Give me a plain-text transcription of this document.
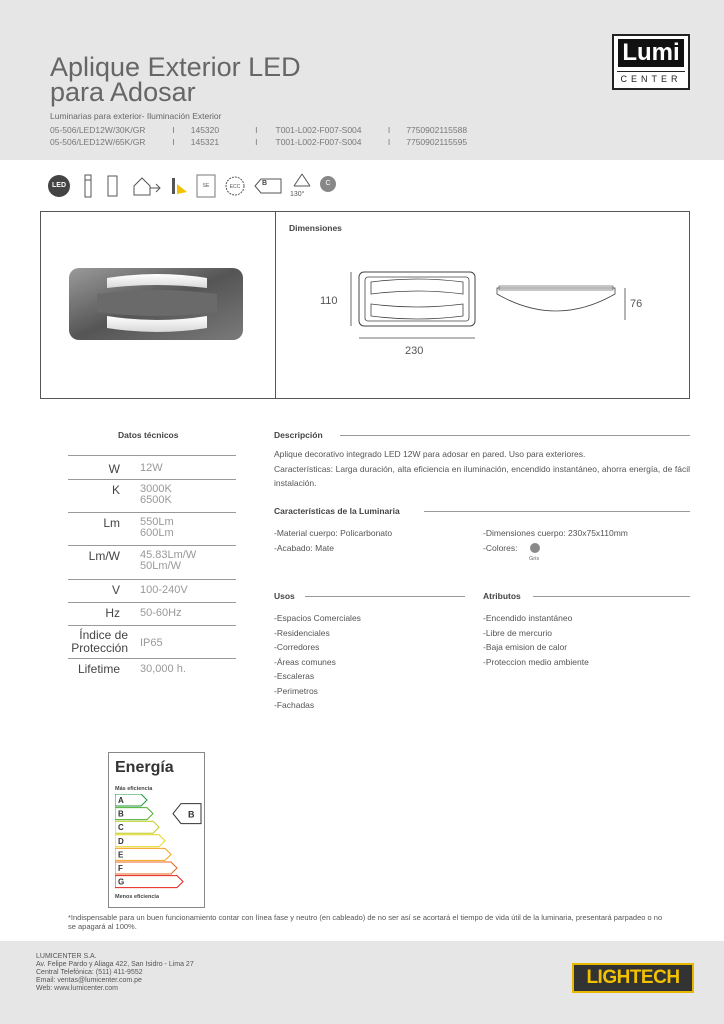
Aplique Exterior LED
para Adosar
Luminarias para exterior- Iluminación Exterior
05-506/LED12W/30K/GR	I 145320	I T001-L002-F007-S004	I 7750902115588
05-506/LED12W/65K/GR	I 145321	I T001-L002-F007-S004	I 7750902115595
Lumi
CENTER
LED	SE	ECC	B
130°
C
Dimensiones
110
230
76
Datos técnicos
W	12W
K	3000K
6500K
Lm	550Lm
600Lm
Lm/W	45.83Lm/W
50Lm/W
V	100-240V
Hz	50-60Hz
Índice de Protección	IP65
Lifetime	30,000 h.
Descripción
Aplique decorativo integrado LED 12W para adosar en pared. Uso para exteriores.
Características: Larga duración, alta eficiencia en iluminación, encendido instantáneo, ahorra energía, de fácil instalación.
Características de la Luminaria
-Material cuerpo: Policarbonato
-Acabado: Mate
-Dimensiones cuerpo: 230x75x110mm
-Colores:
Gris
Usos
-Espacios Comerciales
-Residenciales
-Corredores
-Áreas comunes
-Escaleras
-Perimetros
-Fachadas
Atributos
-Encendido instantáneo
-Libre de mercurio
-Baja emision de calor
-Proteccion medio ambiente
Energía
Más eficiencia
A
B
C
D
E
F
G
B
Menos eficiencia
*Indispensable para un buen funcionamiento contar con línea fase y neutro (en cableado) de no ser así se acortará el tiempo de vida útil de la luminaria, presentará parpadeo o no se apagará al 100%.
LUMICENTER S.A.
Av. Felipe Pardo y Aliaga 422, San Isidro - Lima 27
Central Telefónica: (511) 411-9552
Email: ventas@lumicenter.com.pe
Web: www.lumicenter.com
LIGHTECH
